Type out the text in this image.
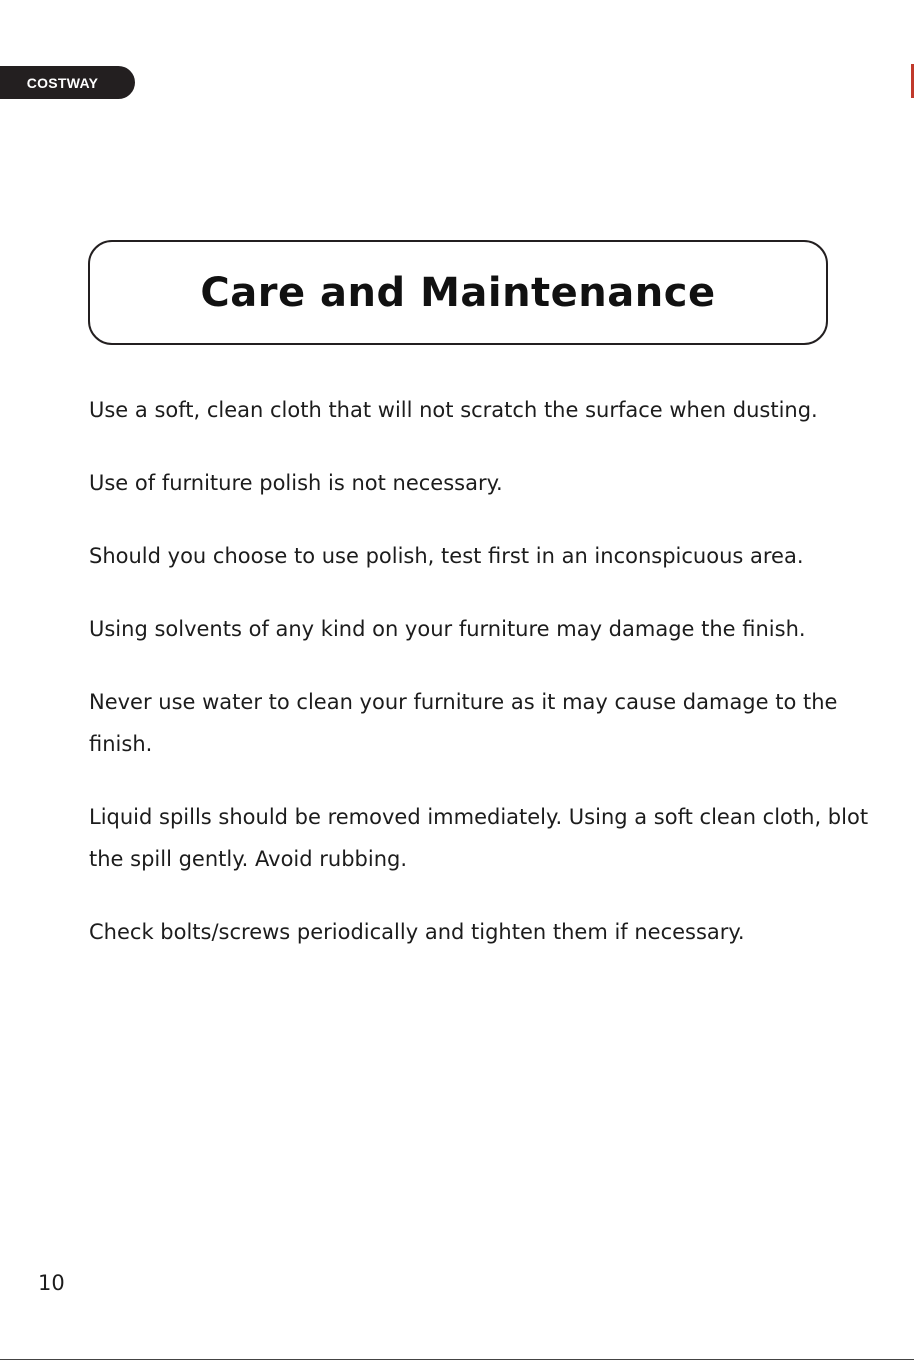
COSTWAY
Care and Maintenance

Use a soft, clean cloth that will not scratch the surface when dusting.

Use of furniture polish is not necessary.

Should you choose to use polish, test first in an inconspicuous area.

Using solvents of any kind on your furniture may damage the finish.

Never use water to clean your furniture as it may cause damage to the finish.

Liquid spills should be removed immediately. Using a soft clean cloth, blot the spill gently. Avoid rubbing.

Check bolts/screws periodically and tighten them if necessary.

10
